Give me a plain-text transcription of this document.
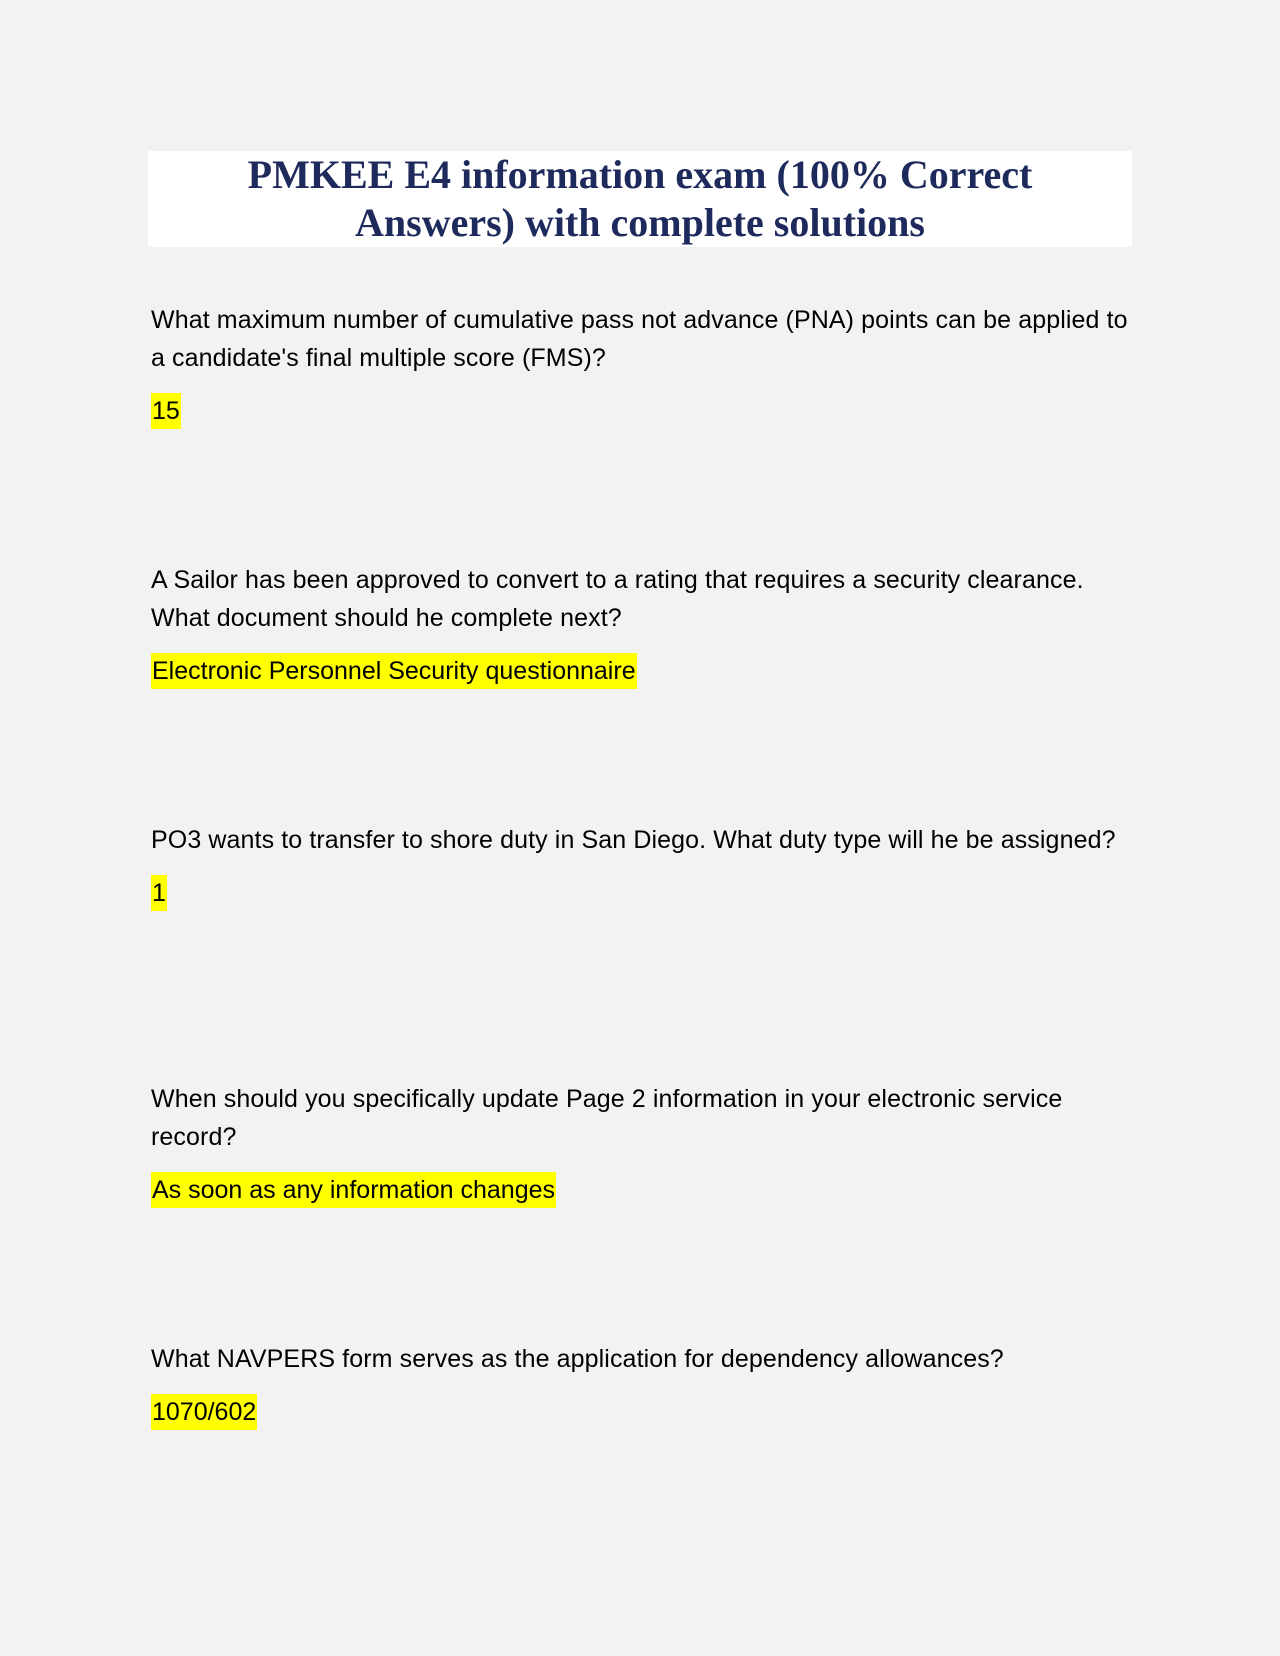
PMKEE E4 information exam (100% Correct Answers) with complete solutions

What maximum number of cumulative pass not advance (PNA) points can be applied to a candidate's final multiple score (FMS)?

15

A Sailor has been approved to convert to a rating that requires a security clearance. What document should he complete next?

Electronic Personnel Security questionnaire

PO3 wants to transfer to shore duty in San Diego. What duty type will he be assigned?

1

When should you specifically update Page 2 information in your electronic service record?

As soon as any information changes

What NAVPERS form serves as the application for dependency allowances?

1070/602
